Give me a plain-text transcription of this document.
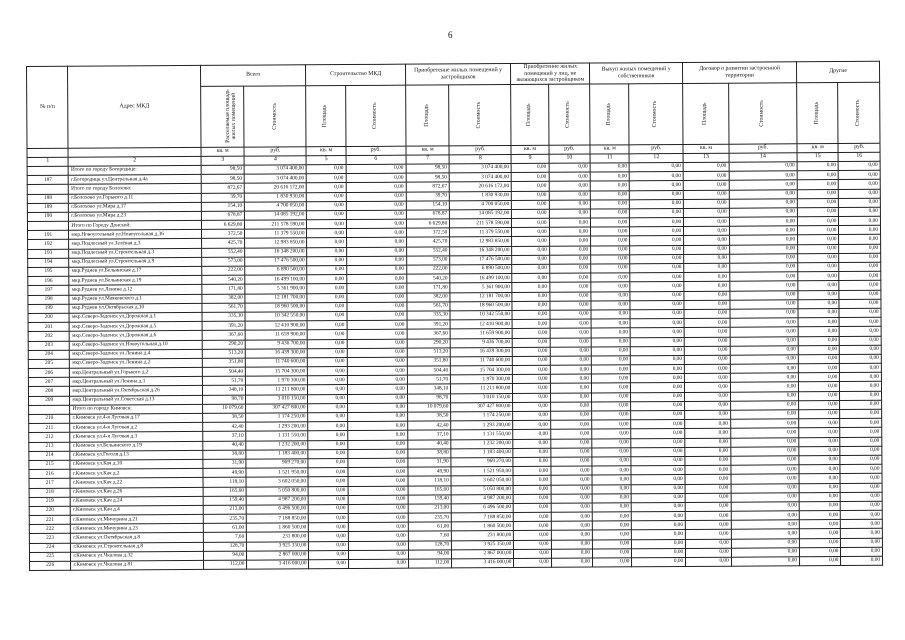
6
№ п/п	Адрес МКД	Всего		Строительство МКД		Приобретение жилых помещений у застройщиков		Приобретение жилых помещений у лиц, не являющихся застройщиком		Выкуп жилых помещений у собственников		Договор о развитии застроенной территории		Другие	
		Расселяемая площадь жилых помещений	Стоимость	Площадь	Стоимость	Площадь	Стоимость	Площадь	Стоимость	Площадь	Стоимость	Площадь	Стоимость	Площадь	Стоимость
		кв. м	руб.	кв. м	руб.	кв. м	руб.	кв. м	руб.	кв. м	руб.	кв. м	руб.	кв. м	руб.
1	2	3	4	5	6	7	8	9	10	11	12	13	14	15	16
	Итого по городу Богородице:	98,50	3 074 400,00	0,00	0,00	98,50	3 074 400,00	0,00	0,00	0,00	0,00	0,00	0,00	0,00	0,00
187	г.Богородицк ул.Центральная д.4а	98,50	3 074 400,00	0,00	0,00	98,50	3 074 400,00	0,00	0,00	0,00	0,00	0,00	0,00	0,00	0,00
	Итого по городу Болохово:	872,67	20 616 172,00	0,00	0,00	872,67	20 616 172,00	0,00	0,00	0,00	0,00	0,00	0,00	0,00	0,00
188	г.Болохово ул.Горького д.11	39,70	1 830 930,00	0,00	0,00	39,70	1 830 930,00	0,00	0,00	0,00	0,00	0,00	0,00	0,00	0,00
189	г.Болохово ул.Мира д.17	154,10	4 700 050,00	0,00	0,00	154,10	4 700 050,00	0,00	0,00	0,00	0,00	0,00	0,00	0,00	0,00
190	г.Болохово ул.Мира д.23	678,87	14 085 192,00	0,00	0,00	678,87	14 085 192,00	0,00	0,00	0,00	0,00	0,00	0,00	0,00	0,00
	Итого по Городу Донской:	6 629,80	211 578 590,00	0,00	0,00	6 629,80	211 578 590,00	0,00	0,00	0,00	0,00	0,00	0,00	0,00	0,00
191	мкр.Новоугольный ул.Новоугольная д.36	372,50	11 379 550,00	0,00	0,00	372,50	11 379 550,00	0,00	0,00	0,00	0,00	0,00	0,00	0,00	0,00
192	мкр.Подлесный ул.Зелёная д.3	425,70	12 983 850,00	0,00	0,00	425,70	12 983 850,00	0,00	0,00	0,00	0,00	0,00	0,00	0,00	0,00
193	мкр.Подлесный ул.Строительная д.3	552,40	16 348 200,00	0,00	0,00	552,40	16 348 200,00	0,00	0,00	0,00	0,00	0,00	0,00	0,00	0,00
194	мкр.Подлесный ул.Строительная д.9	573,00	17 476 500,00	0,00	0,00	573,00	17 476 500,00	0,00	0,00	0,00	0,00	0,00	0,00	0,00	0,00
195	мкр.Руднев ул.Бельинская д.17	222,00	6 890 500,00	0,00	0,00	222,00	6 890 500,00	0,00	0,00	0,00	0,00	0,00	0,00	0,00	0,00
196	мкр.Руднев ул.Бельинская д.19	540,20	16 499 100,00	0,00	0,00	540,20	16 499 100,00	0,00	0,00	0,00	0,00	0,00	0,00	0,00	0,00
197	мкр.Руднев ул.Ленина д.12	171,80	5 361 900,00	0,00	0,00	171,80	5 361 900,00	0,00	0,00	0,00	0,00	0,00	0,00	0,00	0,00
198	мкр.Руднев ул.Маяковского д.1	382,00	12 181 700,00	0,00	0,00	382,00	12 181 700,00	0,00	0,00	0,00	0,00	0,00	0,00	0,00	0,00
199	мкр.Руднев ул.Октябрьская д.10	561,70	18 960 500,00	0,00	0,00	561,70	18 960 500,00	0,00	0,00	0,00	0,00	0,00	0,00	0,00	0,00
200	мкр.Северо-Задонск ул.Дорожная д.1	335,30	10 342 550,00	0,00	0,00	335,30	10 342 550,00	0,00	0,00	0,00	0,00	0,00	0,00	0,00	0,00
201	мкр.Северо-Задонск ул.Дорожная д.5	391,20	12 410 900,00	0,00	0,00	391,20	12 410 900,00	0,00	0,00	0,00	0,00	0,00	0,00	0,00	0,00
202	мкр.Северо-Задонск ул.Дорожная д.6	367,60	11 659 900,00	0,00	0,00	367,60	11 659 900,00	0,00	0,00	0,00	0,00	0,00	0,00	0,00	0,00
203	мкр.Северо-Задонск ул.Новоугольная д.10	290,20	9 436 700,00	0,00	0,00	290,20	9 436 700,00	0,00	0,00	0,00	0,00	0,00	0,00	0,00	0,00
204	мкр.Северо-Задонск ул.Ленина д.4	513,20	16 439 300,00	0,00	0,00	513,20	16 439 300,00	0,00	0,00	0,00	0,00	0,00	0,00	0,00	0,00
205	мкр.Северо-Задонск ул.Ленина д.2	351,80	11 740 600,00	0,00	0,00	351,80	11 740 600,00	0,00	0,00	0,00	0,00	0,00	0,00	0,00	0,00
206	мкр.Центральный ул.Горького д.2	504,40	15 704 300,00	0,00	0,00	504,40	15 704 300,00	0,00	0,00	0,00	0,00	0,00	0,00	0,00	0,00
207	мкр.Центральный ул.Ленина д.1	51,70	1 970 300,00	0,00	0,00	51,70	1 970 300,00	0,00	0,00	0,00	0,00	0,00	0,00	0,00	0,00
208	мкр.Центральный ул.Октябрьская д.26	348,10	11 211 800,00	0,00	0,00	348,10	11 211 800,00	0,00	0,00	0,00	0,00	0,00	0,00	0,00	0,00
209	мкр.Центральный ул.Советская д.13	98,70	3 010 150,00	0,00	0,00	98,70	3 010 150,00	0,00	0,00	0,00	0,00	0,00	0,00	0,00	0,00
	Итого по городу Кимовск:	10 079,60	307 427 800,00	0,00	0,00	10 079,60	307 427 800,00	0,00	0,00	0,00	0,00	0,00	0,00	0,00	0,00
210	г.Кимовск ул.4-я Луговая д.17	38,50	1 174 250,00	0,00	0,00	38,50	1 174 250,00	0,00	0,00	0,00	0,00	0,00	0,00	0,00	0,00
211	г.Кимовск ул.4-я Луговая д.2	42,40	1 293 200,00	0,00	0,00	42,40	1 293 200,00	0,00	0,00	0,00	0,00	0,00	0,00	0,00	0,00
212	г.Кимовск ул.4-я Луговая д.3	37,10	1 131 550,00	0,00	0,00	37,10	1 131 550,00	0,00	0,00	0,00	0,00	0,00	0,00	0,00	0,00
213	г.Кимовск ул.Бельинского д.19	40,40	1 232 200,00	0,00	0,00	40,40	1 232 200,00	0,00	0,00	0,00	0,00	0,00	0,00	0,00	0,00
214	г.Кимовск ул.Гоголя д.13	38,80	1 183 400,00	0,00	0,00	38,80	1 183 400,00	0,00	0,00	0,00	0,00	0,00	0,00	0,00	0,00
215	г.Кимовск ул.Кач д.10	31,90	969 270,00	0,00	0,00	31,90	969 270,00	0,00	0,00	0,00	0,00	0,00	0,00	0,00	0,00
216	г.Кимовск ул.Кач д.2	49,90	1 521 950,00	0,00	0,00	49,90	1 521 950,00	0,00	0,00	0,00	0,00	0,00	0,00	0,00	0,00
217	г.Кимовск ул.Кач д.22	118,10	3 602 050,00	0,00	0,00	118,10	3 602 050,00	0,00	0,00	0,00	0,00	0,00	0,00	0,00	0,00
218	г.Кимовск ул.Кач д.26	165,60	5 050 800,00	0,00	0,00	165,60	5 050 800,00	0,00	0,00	0,00	0,00	0,00	0,00	0,00	0,00
219	г.Кимовск ул.Кач д.24	159,40	4 987 200,00	0,00	0,00	159,40	4 987 200,00	0,00	0,00	0,00	0,00	0,00	0,00	0,00	0,00
220	г.Кимовск ул.Кач д.4	213,00	6 496 500,00	0,00	0,00	213,00	6 496 500,00	0,00	0,00	0,00	0,00	0,00	0,00	0,00	0,00
221	г.Кимовск ул.Мичурина д.21	235,70	7 188 850,00	0,00	0,00	235,70	7 188 850,00	0,00	0,00	0,00	0,00	0,00	0,00	0,00	0,00
222	г.Кимовск ул.Мичурина д.23	61,00	1 860 500,00	0,00	0,00	61,00	1 860 500,00	0,00	0,00	0,00	0,00	0,00	0,00	0,00	0,00
223	г.Кимовск ул.Октябрьская д.8	7,60	231 800,00	0,00	0,00	7,60	231 800,00	0,00	0,00	0,00	0,00	0,00	0,00	0,00	0,00
224	г.Кимовск ул.Строительная д.8	128,70	3 925 350,00	0,00	0,00	128,70	3 925 350,00	0,00	0,00	0,00	0,00	0,00	0,00	0,00	0,00
225	г.Кимовск ул.Чкалова д.32	94,00	2 867 000,00	0,00	0,00	94,00	2 867 000,00	0,00	0,00	0,00	0,00	0,00	0,00	0,00	0,00
226	г.Кимовск ул.Чкалова д.81	112,00	3 416 000,00	0,00	0,00	112,00	3 416 000,00	0,00	0,00	0,00	0,00	0,00	0,00	0,00	0,00
